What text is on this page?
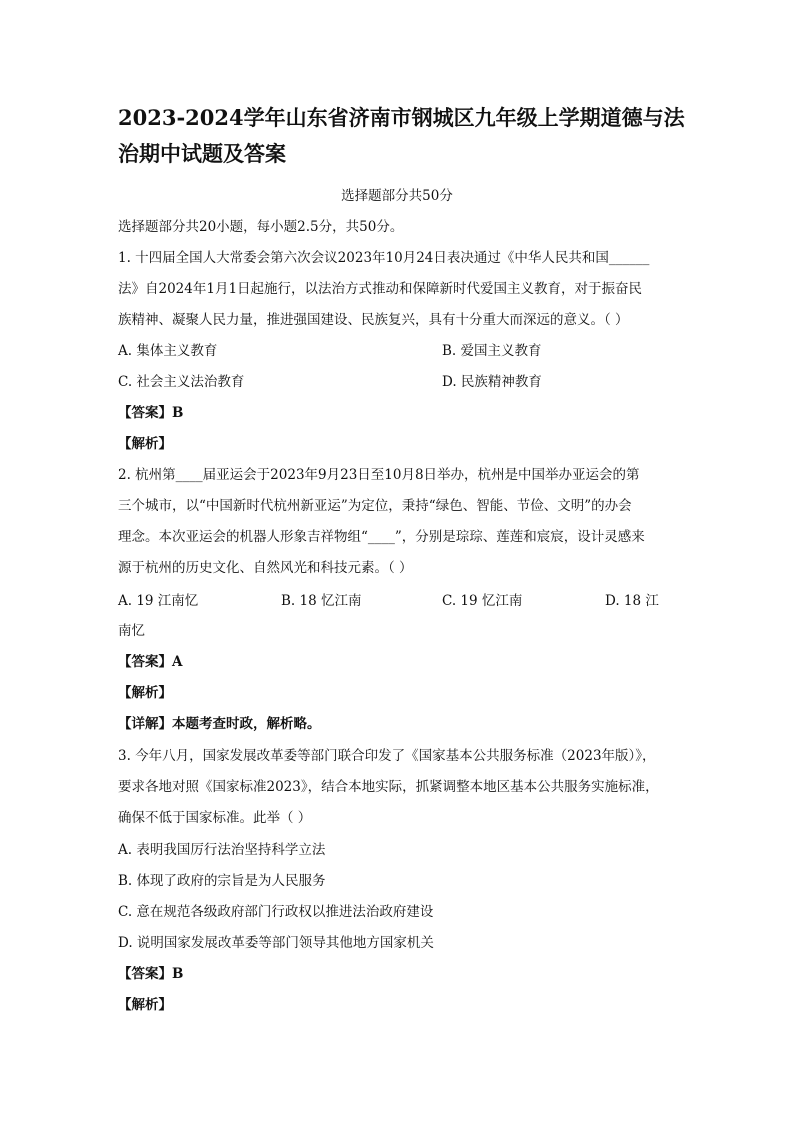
2023-2024学年山东省济南市钢城区九年级上学期道德与法
治期中试题及答案
选择题部分共50分
选择题部分共20小题，每小题2.5分，共50分。
1. 十四届全国人大常委会第六次会议2023年10月24日表决通过《中华人民共和国______
法》自2024年1月1日起施行，以法治方式推动和保障新时代爱国主义教育，对于振奋民
族精神、凝聚人民力量，推进强国建设、民族复兴，具有十分重大而深远的意义。（ ）
A. 集体主义教育	B. 爱国主义教育
C. 社会主义法治教育	D. 民族精神教育
【答案】B
【解析】
2. 杭州第____届亚运会于2023年9月23日至10月8日举办，杭州是中国举办亚运会的第
三个城市，以“中国新时代杭州新亚运”为定位，秉持“绿色、智能、节俭、文明”的办会
理念。本次亚运会的机器人形象吉祥物组“____”，分别是琮琮、莲莲和宸宸，设计灵感来
源于杭州的历史文化、自然风光和科技元素。（ ）
A. 19 江南忆	B. 18 忆江南	C. 19 忆江南	D. 18 江
南忆
【答案】A
【解析】
【详解】本题考查时政，解析略。
3. 今年八月，国家发展改革委等部门联合印发了《国家基本公共服务标准（2023年版）》，
要求各地对照《国家标准2023》，结合本地实际，抓紧调整本地区基本公共服务实施标准，
确保不低于国家标准。此举（ ）
A. 表明我国厉行法治坚持科学立法
B. 体现了政府的宗旨是为人民服务
C. 意在规范各级政府部门行政权以推进法治政府建设
D. 说明国家发展改革委等部门领导其他地方国家机关
【答案】B
【解析】
